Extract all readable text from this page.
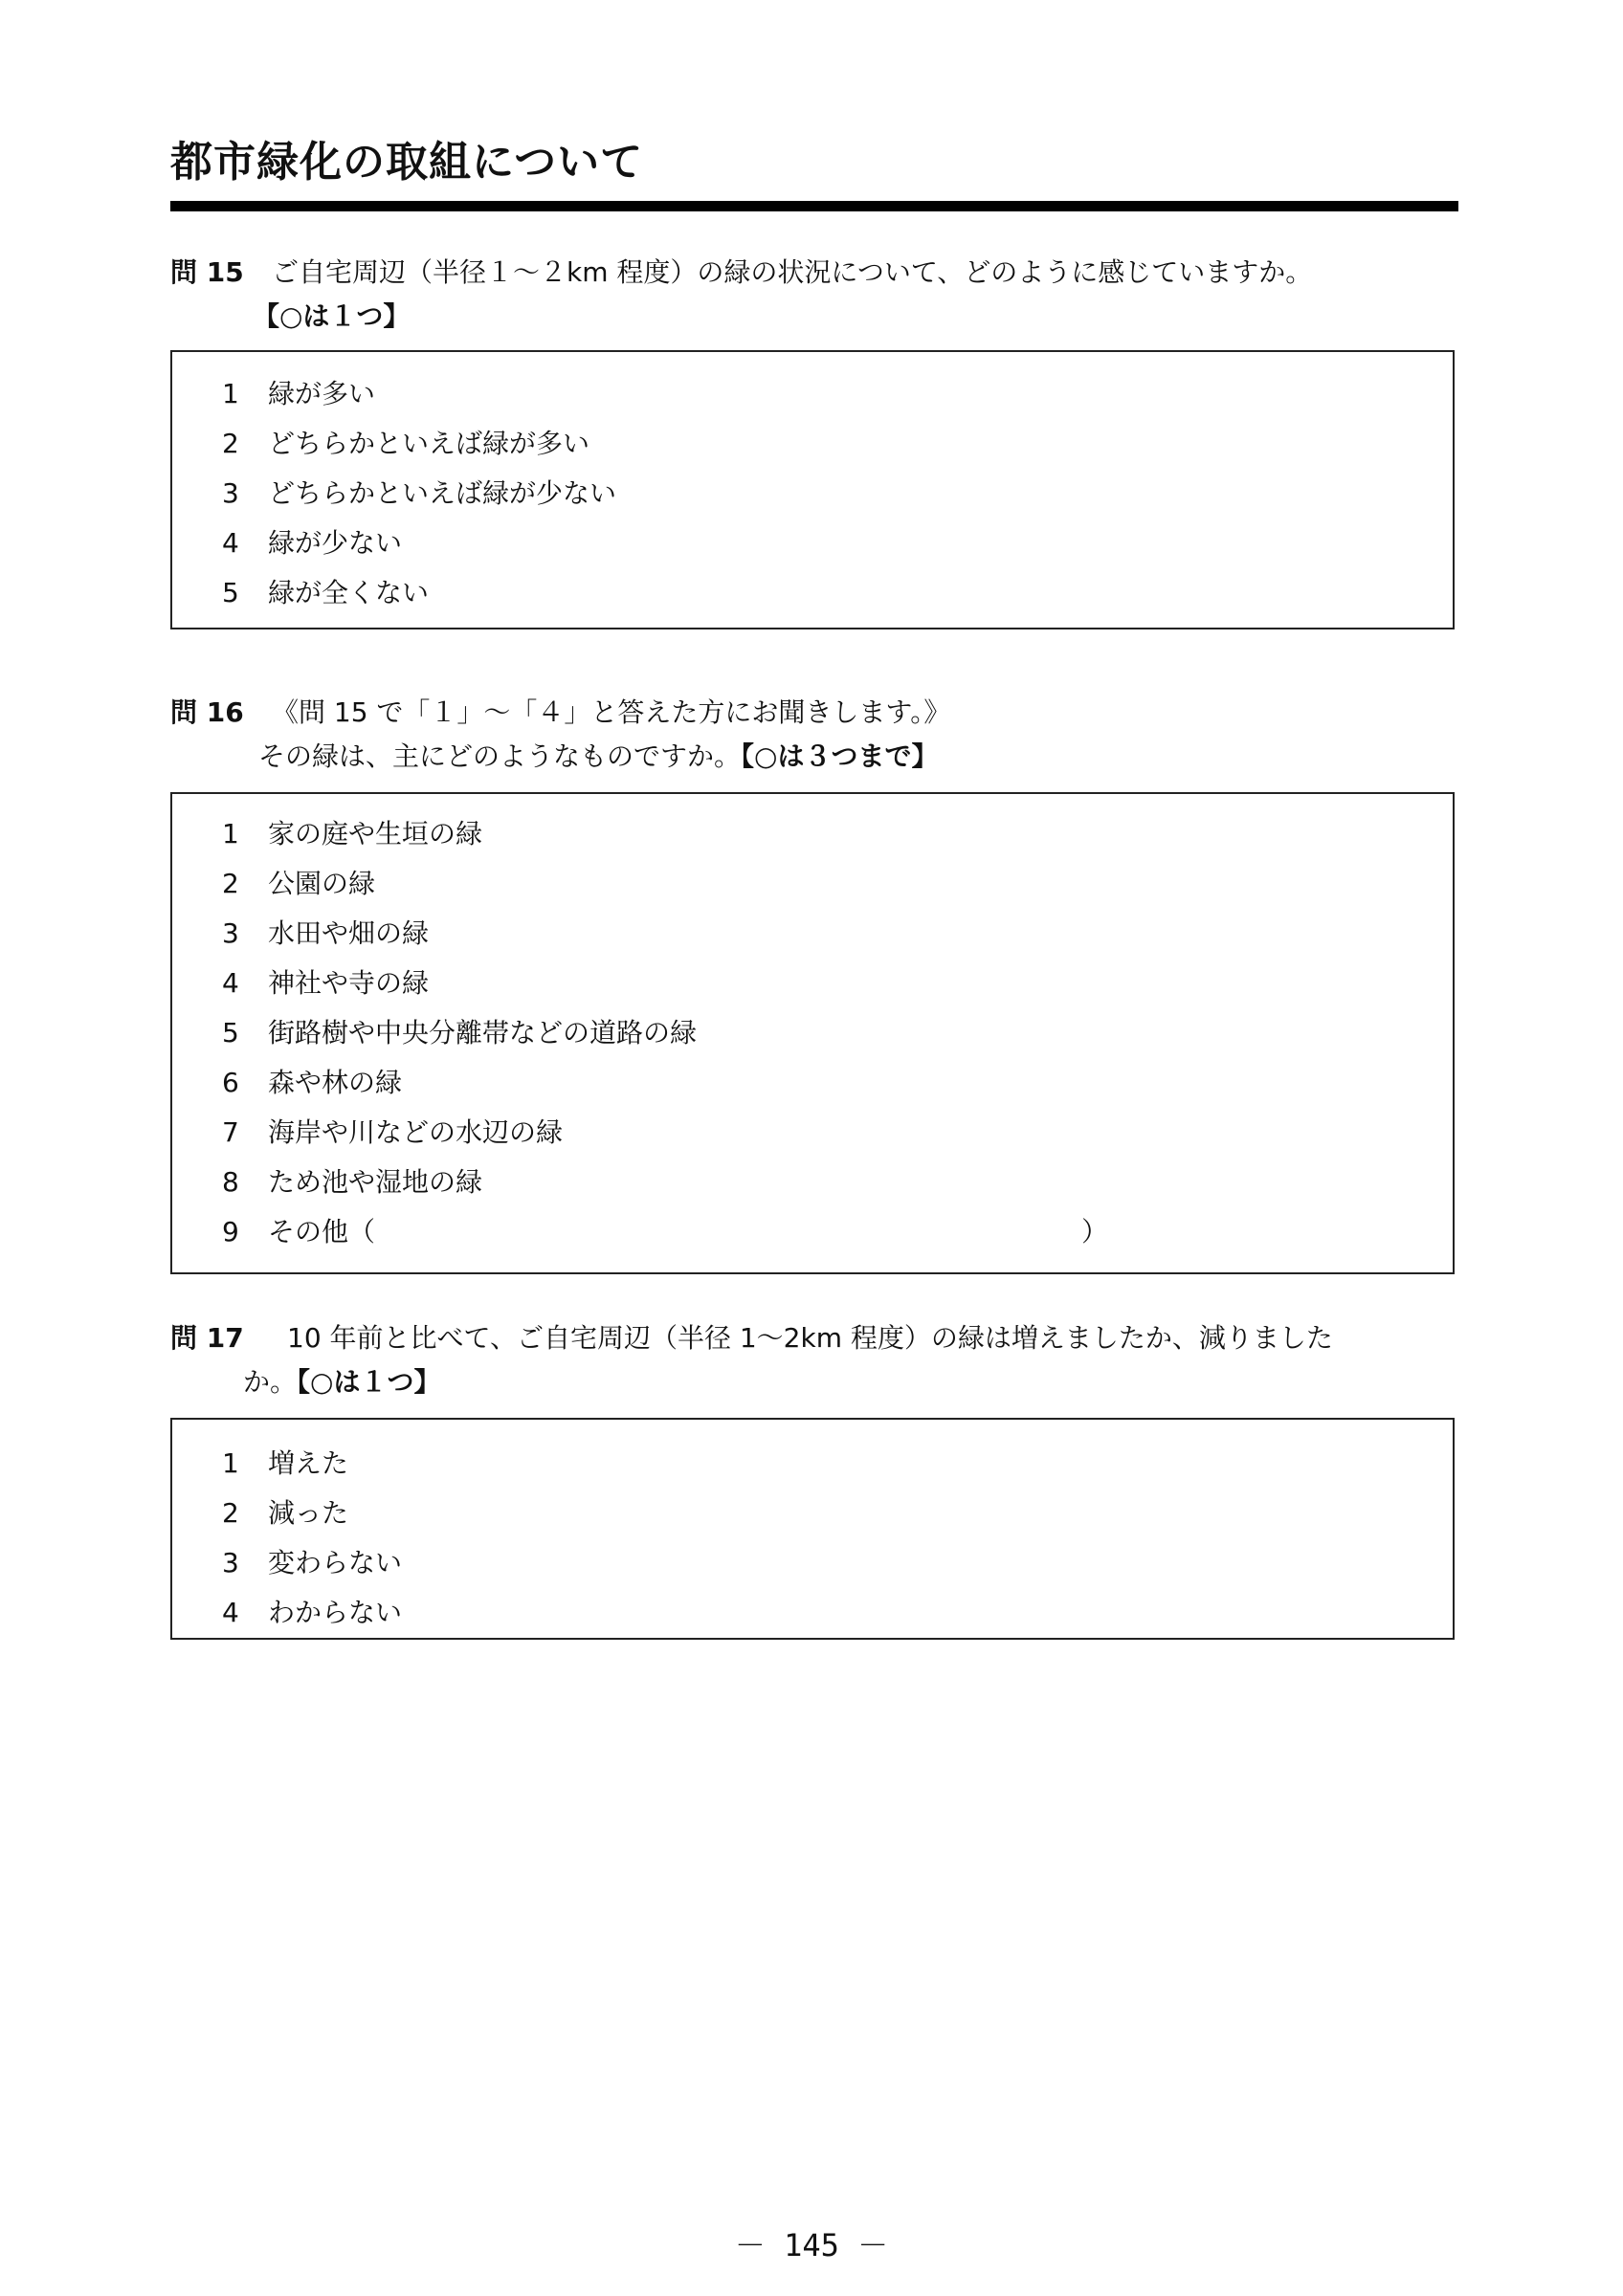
都市緑化の取組について
問 15	ご自宅周辺（半径１～２km 程度）の緑の状況について、どのように感じていますか。
【○は１つ】
1	緑が多い
2	どちらかといえば緑が多い
3	どちらかといえば緑が少ない
4	緑が少ない
5	緑が全くない
問 16	《問 15 で「１」～「４」と答えた方にお聞きします。》
その緑は、主にどのようなものですか。【○は３つまで】
1	家の庭や生垣の緑
2	公園の緑
3	水田や畑の緑
4	神社や寺の緑
5	街路樹や中央分離帯などの道路の緑
6	森や林の緑
7	海岸や川などの水辺の緑
8	ため池や湿地の緑
9	その他（	）
問 17	10 年前と比べて、ご自宅周辺（半径 1～2km 程度）の緑は増えましたか、減りました
か。【○は１つ】
1	増えた
2	減った
3	変わらない
4	わからない
－ 145 －
